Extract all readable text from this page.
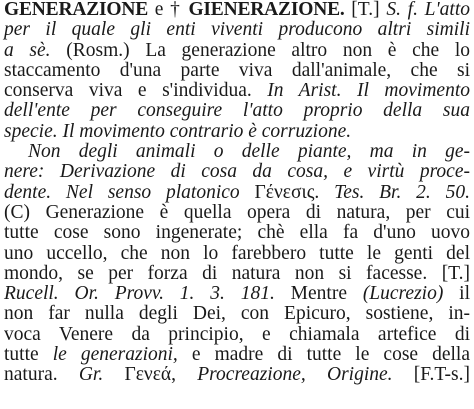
GENERAZIONE e † GIENERAZIONE. [T.] S. f. L'atto
per il quale gli enti viventi producono altri simili
a sè. (Rosm.) La generazione altro non è che lo
staccamento d'una parte viva dall'animale, che si
conserva viva e s'individua. In Arist. Il movimento
dell'ente per conseguire l'atto proprio della sua
specie. Il movimento contrario è corruzione.
Non degli animali o delle piante, ma in ge-
nere: Derivazione di cosa da cosa, e virtù proce-
dente. Nel senso platonico Γένεσις. Tes. Br. 2. 50.
(C) Generazione è quella opera di natura, per cui
tutte cose sono ingenerate; chè ella fa d'uno uovo
uno uccello, che non lo farebbero tutte le genti del
mondo, se per forza di natura non si facesse. [T.]
Rucell. Or. Provv. 1. 3. 181. Mentre (Lucrezio) il
non far nulla degli Dei, con Epicuro, sostiene, in-
voca Venere da principio, e chiamala artefice di
tutte le generazioni, e madre di tutte le cose della
natura. Gr. Γενεά, Procreazione, Origine. [F.T-s.]
